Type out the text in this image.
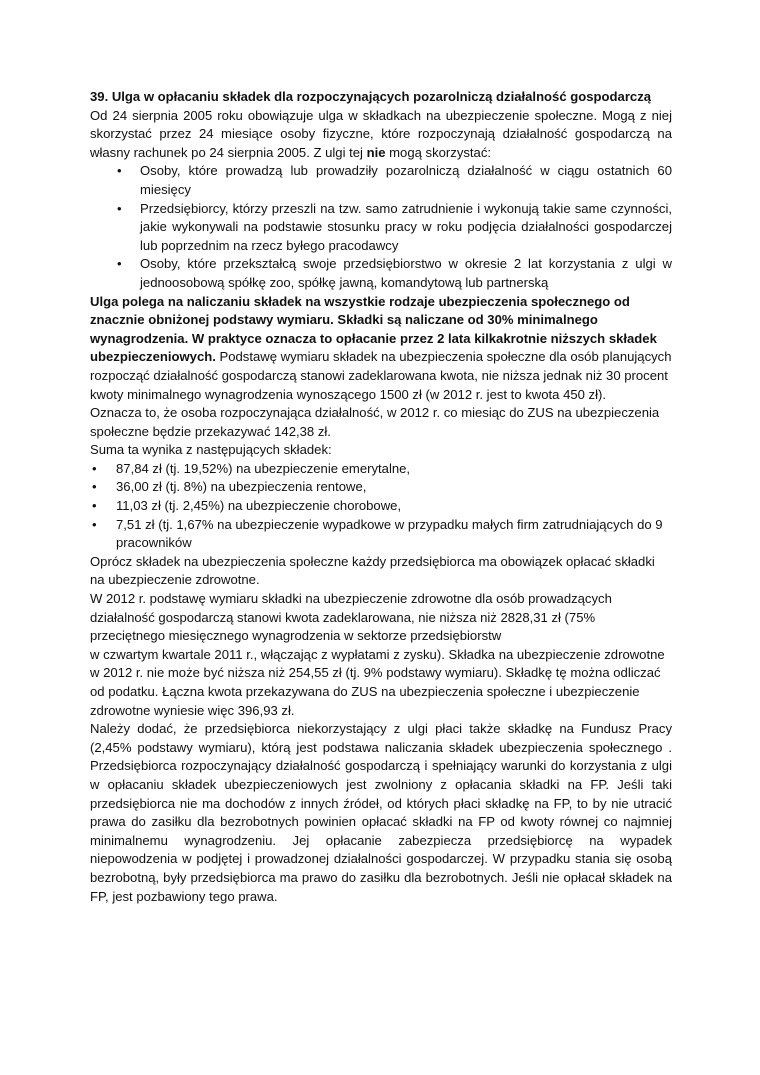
39. Ulga w opłacaniu składek dla rozpoczynających pozarolniczą działalność gospodarczą

Od 24 sierpnia 2005 roku obowiązuje ulga w składkach na ubezpieczenie społeczne. Mogą z niej skorzystać przez 24 miesiące osoby fizyczne, które rozpoczynają działalność gospodarczą na własny rachunek po 24 sierpnia 2005. Z ulgi tej nie mogą skorzystać:

• Osoby, które prowadzą lub prowadziły pozarolniczą działalność w ciągu ostatnich 60 miesięcy
• Przedsiębiorcy, którzy przeszli na tzw. samo zatrudnienie i wykonują takie same czynności, jakie wykonywali na podstawie stosunku pracy w roku podjęcia działalności gospodarczej lub poprzednim na rzecz byłego pracodawcy
• Osoby, które przekształcą swoje przedsiębiorstwo w okresie 2 lat korzystania z ulgi w jednoosobową spółkę zoo, spółkę jawną, komandytową lub partnerską

Ulga polega na naliczaniu składek na wszystkie rodzaje ubezpieczenia społecznego od znacznie obniżonej podstawy wymiaru. Składki są naliczane od 30% minimalnego wynagrodzenia. W praktyce oznacza to opłacanie przez 2 lata kilkakrotnie niższych składek ubezpieczeniowych. Podstawę wymiaru składek na ubezpieczenia społeczne dla osób planujących rozpocząć działalność gospodarczą stanowi zadeklarowana kwota, nie niższa jednak niż 30 procent kwoty minimalnego wynagrodzenia wynoszącego 1500 zł (w 2012 r. jest to kwota 450 zł).

Oznacza to, że osoba rozpoczynająca działalność, w 2012 r. co miesiąc do ZUS na ubezpieczenia społeczne będzie przekazywać 142,38 zł.

Suma ta wynika z następujących składek:

• 87,84 zł (tj. 19,52%) na ubezpieczenie emerytalne,
• 36,00 zł (tj. 8%) na ubezpieczenia rentowe,
• 11,03 zł (tj. 2,45%) na ubezpieczenie chorobowe,
• 7,51 zł (tj. 1,67% na ubezpieczenie wypadkowe w przypadku małych firm zatrudniających do 9 pracowników

Oprócz składek na ubezpieczenia społeczne każdy przedsiębiorca ma obowiązek opłacać składki na ubezpieczenie zdrowotne.

W 2012 r. podstawę wymiaru składki na ubezpieczenie zdrowotne dla osób prowadzących działalność gospodarczą stanowi kwota zadeklarowana, nie niższa niż 2828,31 zł (75% przeciętnego miesięcznego wynagrodzenia w sektorze przedsiębiorstw

w czwartym kwartale 2011 r., włączając z wypłatami z zysku). Składka na ubezpieczenie zdrowotne w 2012 r. nie może być niższa niż 254,55 zł (tj. 9% podstawy wymiaru). Składkę tę można odliczać od podatku. Łączna kwota przekazywana do ZUS na ubezpieczenia społeczne i ubezpieczenie zdrowotne wyniesie więc 396,93 zł.

Należy dodać, że przedsiębiorca niekorzystający z ulgi płaci także składkę na Fundusz Pracy (2,45% podstawy wymiaru), którą jest podstawa naliczania składek ubezpieczenia społecznego . Przedsiębiorca rozpoczynający działalność gospodarczą i spełniający warunki do korzystania z ulgi w opłacaniu składek ubezpieczeniowych jest zwolniony z opłacania składki na FP. Jeśli taki przedsiębiorca nie ma dochodów z innych źródeł, od których płaci składkę na FP, to by nie utracić prawa do zasiłku dla bezrobotnych powinien opłacać składki na FP od kwoty równej co najmniej minimalnemu wynagrodzeniu. Jej opłacanie zabezpiecza przedsiębiorcę na wypadek niepowodzenia w podjętej i prowadzonej działalności gospodarczej. W przypadku stania się osobą bezrobotną, były przedsiębiorca ma prawo do zasiłku dla bezrobotnych. Jeśli nie opłacał składek na FP, jest pozbawiony tego prawa.
